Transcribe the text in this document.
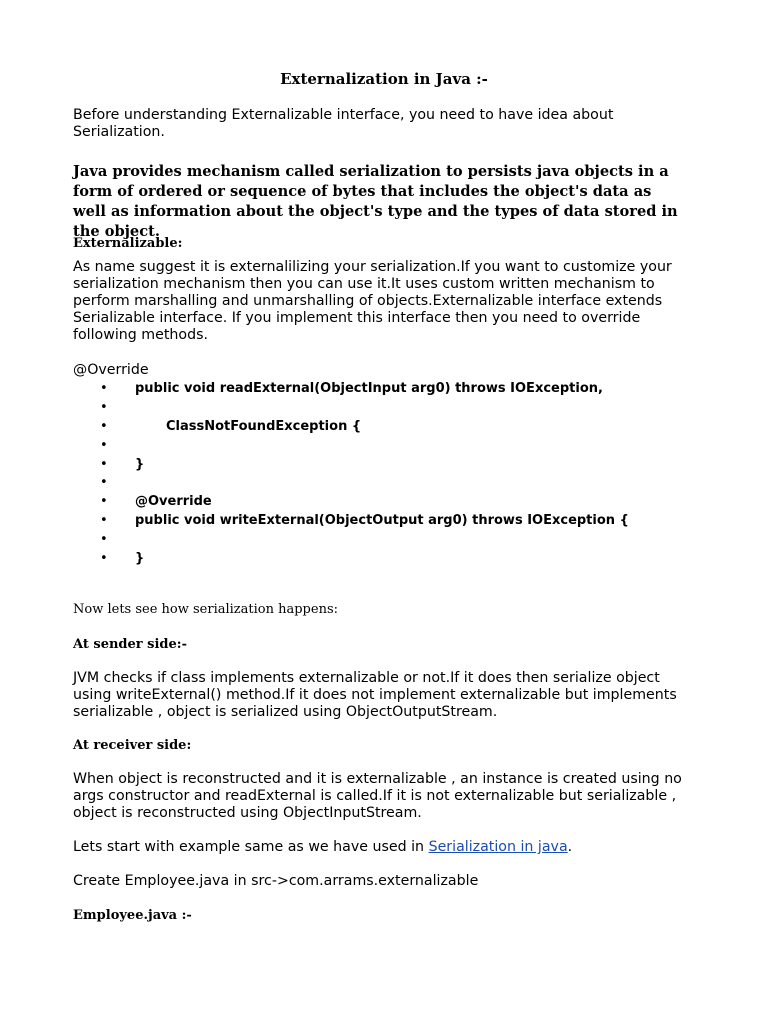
Externalization in Java :-

Before understanding Externalizable interface, you need to have idea about Serialization.

Java provides mechanism called serialization to persists java objects in a form of ordered or sequence of bytes that includes the object's data as well as information about the object's type and the types of data stored in the object.

Externalizable:

As name suggest it is externalilizing your serialization.If you want to customize your serialization mechanism then you can use it.It uses custom written mechanism to perform marshalling and unmarshalling of objects.Externalizable interface extends Serializable interface. If you implement this interface then you need to override following methods.

@Override
• public void readExternal(ObjectInput arg0) throws IOException,
•
•	ClassNotFoundException {
•
• }
•
• @Override
• public void writeExternal(ObjectOutput arg0) throws IOException {
•
• }

Now lets see how serialization happens:

At sender side:-

JVM checks if class implements externalizable or not.If it does then serialize object using writeExternal() method.If it does not implement externalizable but implements serializable , object is serialized using ObjectOutputStream.

At receiver side:

When object is reconstructed and it is externalizable , an instance is created using no args constructor and readExternal is called.If it is not externalizable but serializable , object is reconstructed using ObjectInputStream.

Lets start with example same as we have used in Serialization in java.

Create Employee.java in src->com.arrams.externalizable

Employee.java :-
